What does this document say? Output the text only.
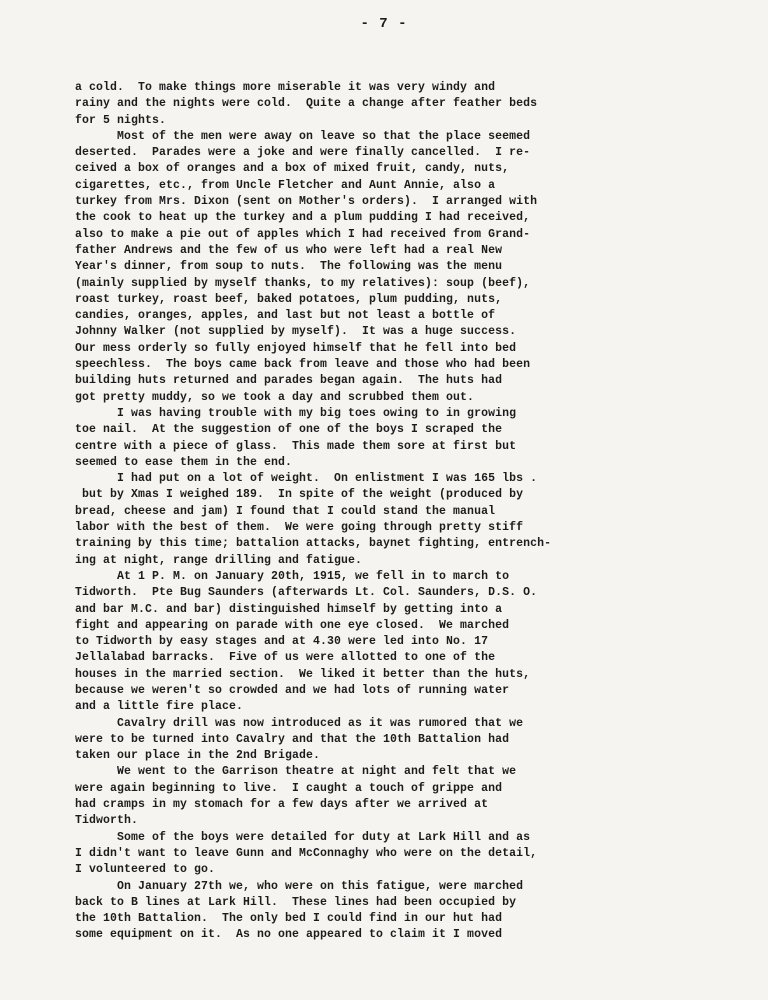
- 7 -
a cold.  To make things more miserable it was very windy and
rainy and the nights were cold.  Quite a change after feather beds
for 5 nights.
Most of the men were away on leave so that the place seemed
deserted.  Parades were a joke and were finally cancelled.  I re-
ceived a box of oranges and a box of mixed fruit, candy, nuts,
cigarettes, etc., from Uncle Fletcher and Aunt Annie, also a
turkey from Mrs. Dixon (sent on Mother's orders).  I arranged with
the cook to heat up the turkey and a plum pudding I had received,
also to make a pie out of apples which I had received from Grand-
father Andrews and the few of us who were left had a real New
Year's dinner, from soup to nuts.  The following was the menu
(mainly supplied by myself thanks, to my relatives): soup (beef),
roast turkey, roast beef, baked potatoes, plum pudding, nuts,
candies, oranges, apples, and last but not least a bottle of
Johnny Walker (not supplied by myself).  It was a huge success.
Our mess orderly so fully enjoyed himself that he fell into bed
speechless.  The boys came back from leave and those who had been
building huts returned and parades began again.  The huts had
got pretty muddy, so we took a day and scrubbed them out.
I was having trouble with my big toes owing to in growing
toe nail.  At the suggestion of one of the boys I scraped the
centre with a piece of glass.  This made them sore at first but
seemed to ease them in the end.
I had put on a lot of weight.  On enlistment I was 165 lbs .
but by Xmas I weighed 189.  In spite of the weight (produced by
bread, cheese and jam) I found that I could stand the manual
labor with the best of them.  We were going through pretty stiff
training by this time; battalion attacks, baynet fighting, entrench-
ing at night, range drilling and fatigue.
At 1 P. M. on January 20th, 1915, we fell in to march to
Tidworth.  Pte Bug Saunders (afterwards Lt. Col. Saunders, D.S. O.
and bar M.C. and bar) distinguished himself by getting into a
fight and appearing on parade with one eye closed.  We marched
to Tidworth by easy stages and at 4.30 were led into No. 17
Jellalabad barracks.  Five of us were allotted to one of the
houses in the married section.  We liked it better than the huts,
because we weren't so crowded and we had lots of running water
and a little fire place.
Cavalry drill was now introduced as it was rumored that we
were to be turned into Cavalry and that the 10th Battalion had
taken our place in the 2nd Brigade.
We went to the Garrison theatre at night and felt that we
were again beginning to live.  I caught a touch of grippe and
had cramps in my stomach for a few days after we arrived at
Tidworth.
Some of the boys were detailed for duty at Lark Hill and as
I didn't want to leave Gunn and McConnaghy who were on the detail,
I volunteered to go.
On January 27th we, who were on this fatigue, were marched
back to B lines at Lark Hill.  These lines had been occupied by
the 10th Battalion.  The only bed I could find in our hut had
some equipment on it.  As no one appeared to claim it I moved
